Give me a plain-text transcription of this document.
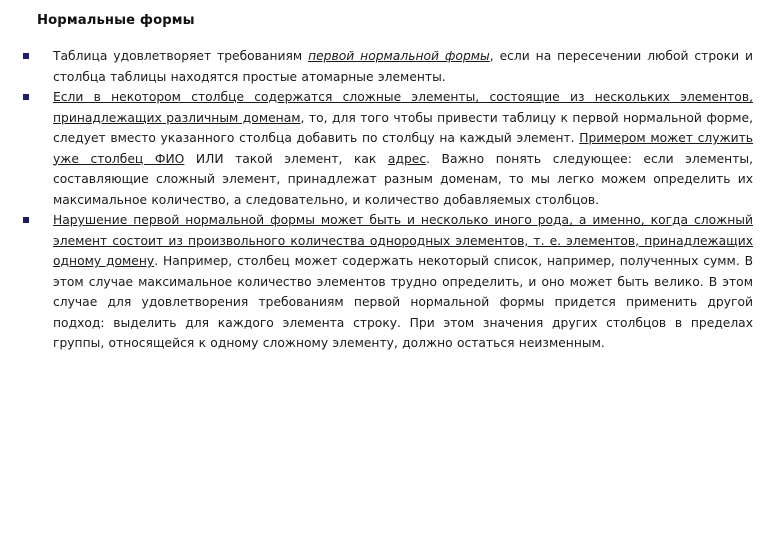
Нормальные формы
Таблица удовлетворяет требованиям первой нормальной формы, если на пересечении любой строки и столбца таблицы находятся простые атомарные элементы.
Если в некотором столбце содержатся сложные элементы, состоящие из нескольких элементов, принадлежащих различным доменам, то, для того чтобы привести таблицу к первой нормальной форме, следует вместо указанного столбца добавить по столбцу на каждый элемент. Примером может служить уже столбец ФИО ИЛИ такой элемент, как адрес. Важно понять следующее: если элементы, составляющие сложный элемент, принадлежат разным доменам, то мы легко можем определить их максимальное количество, а следовательно, и количество добавляемых столбцов.
Нарушение первой нормальной формы может быть и несколько иного рода, а именно, когда сложный элемент состоит из произвольного количества однородных элементов, т. е. элементов, принадлежащих одному домену. Например, столбец может содержать некоторый список, например, полученных сумм. В этом случае максимальное количество элементов трудно определить, и оно может быть велико. В этом случае для удовлетворения требованиям первой нормальной формы придется применить другой подход: выделить для каждого элемента строку. При этом значения других столбцов в пределах группы, относящейся к одному сложному элементу, должно остаться неизменным.
